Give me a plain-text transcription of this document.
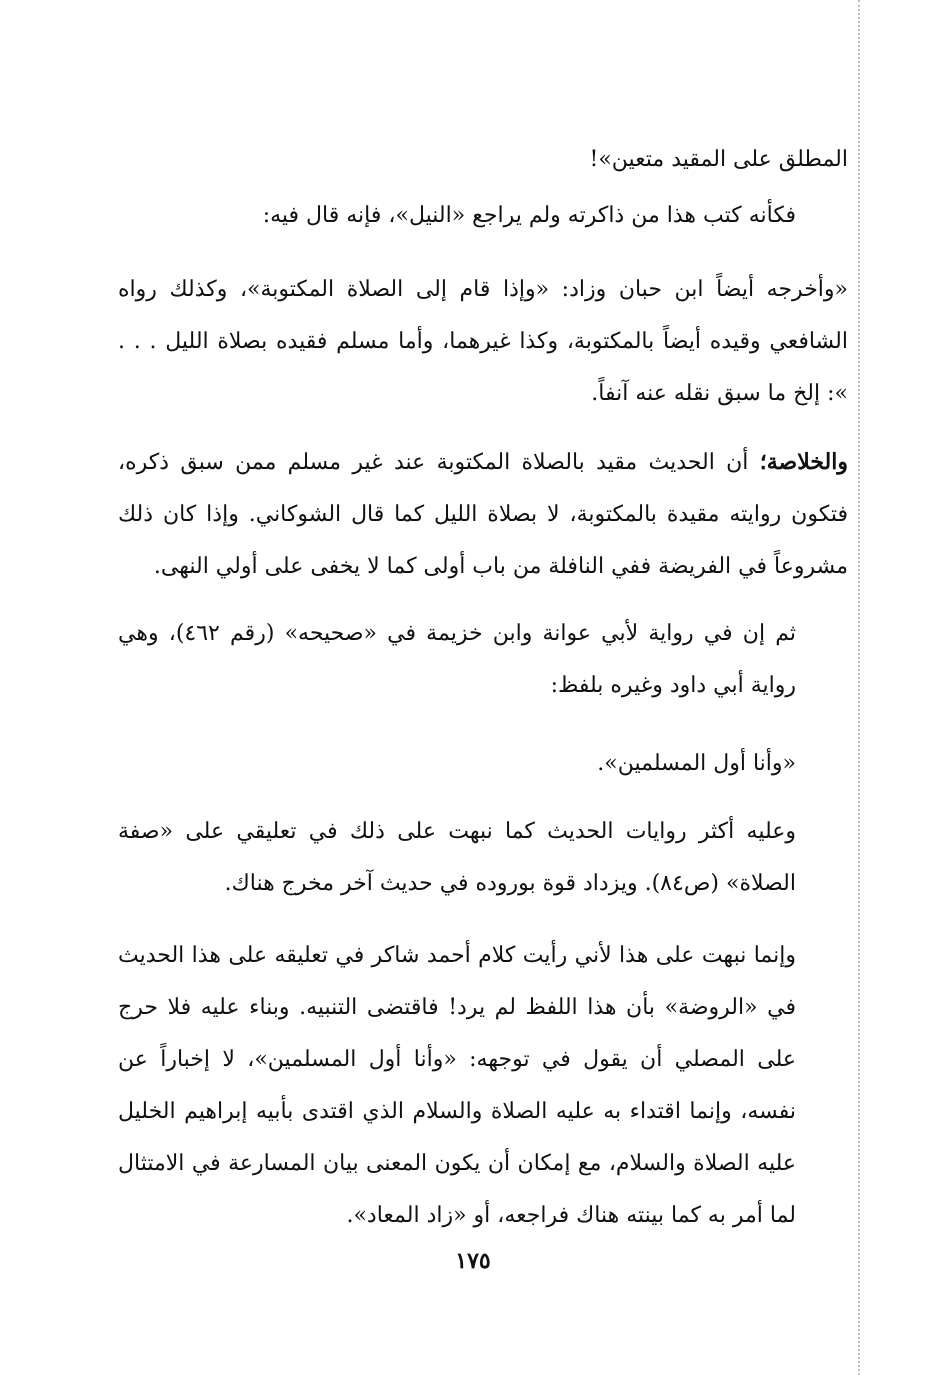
المطلق على المقيد متعين»!
فكأنه كتب هذا من ذاكرته ولم يراجع «النيل»، فإنه قال فيه:
«وأخرجه أيضاً ابن حبان وزاد: «وإذا قام إلى الصلاة المكتوبة»، وكذلك رواه الشافعي وقيده أيضاً بالمكتوبة، وكذا غيرهما، وأما مسلم فقيده بصلاة الليل . . . »: إلخ ما سبق نقله عنه آنفاً.
والخلاصة؛ أن الحديث مقيد بالصلاة المكتوبة عند غير مسلم ممن سبق ذكره، فتكون روايته مقيدة بالمكتوبة، لا بصلاة الليل كما قال الشوكاني. وإذا كان ذلك مشروعاً في الفريضة ففي النافلة من باب أولى كما لا يخفى على أولي النهى.
ثم إن في رواية لأبي عوانة وابن خزيمة في «صحيحه» (رقم ٤٦٢)، وهي رواية أبي داود وغيره بلفظ:
«وأنا أول المسلمين».
وعليه أكثر روايات الحديث كما نبهت على ذلك في تعليقي على «صفة الصلاة» (ص٨٤). ويزداد قوة بوروده في حديث آخر مخرج هناك.
وإنما نبهت على هذا لأني رأيت كلام أحمد شاكر في تعليقه على هذا الحديث في «الروضة» بأن هذا اللفظ لم يرد! فاقتضى التنبيه. وبناء عليه فلا حرج على المصلي أن يقول في توجهه: «وأنا أول المسلمين»، لا إخباراً عن نفسه، وإنما اقتداء به عليه الصلاة والسلام الذي اقتدى بأبيه إبراهيم الخليل عليه الصلاة والسلام، مع إمكان أن يكون المعنى بيان المسارعة في الامتثال لما أمر به كما بينته هناك فراجعه، أو «زاد المعاد».
١٧٥
